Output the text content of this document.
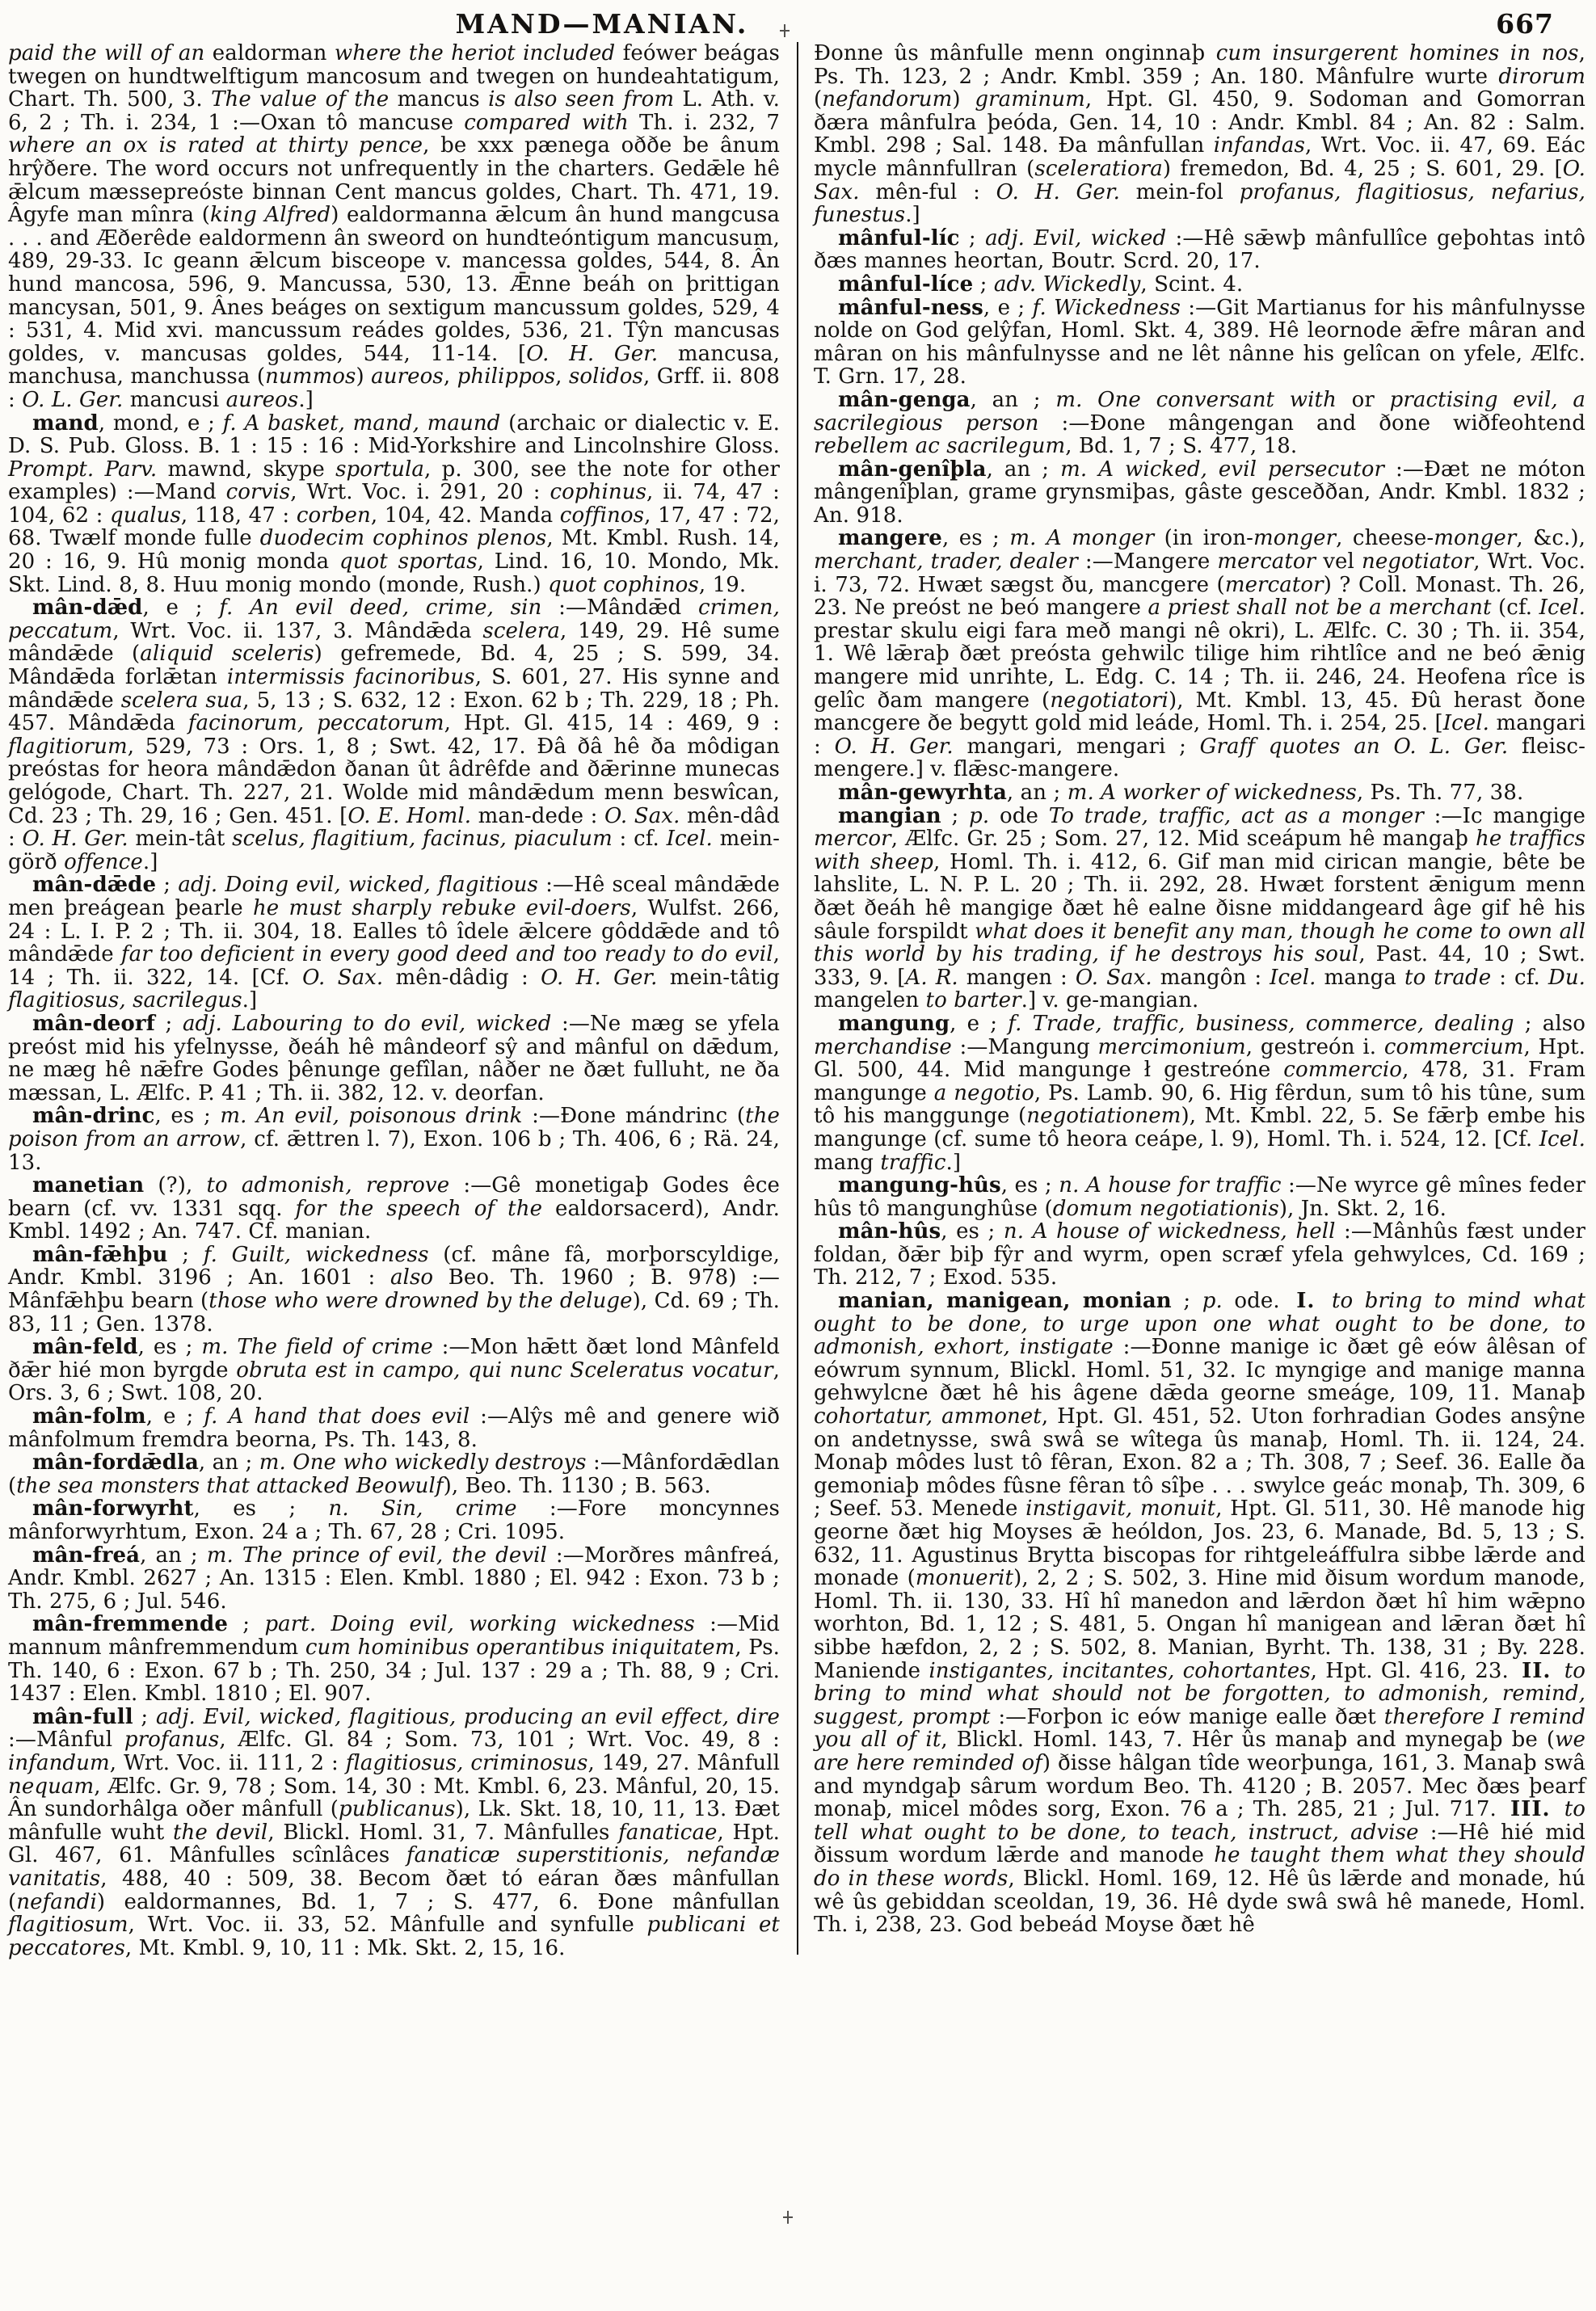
MAND—MANIAN.	667

paid the will of an ealdorman where the heriot included feówer beágas twegen on hundtwelftigum mancosum and twegen on hundeahtatigum, Chart. Th. 500, 3. The value of the mancus is also seen from L. Ath. v. 6, 2 ; Th. i. 234, 1 :—Oxan tô mancuse compared with Th. i. 232, 7 where an ox is rated at thirty pence, be xxx pænega oððe be ânum hrŷðere. The word occurs not unfrequently in the charters. Gedǣle hê ǣlcum mæssepreóste binnan Cent mancus goldes, Chart. Th. 471, 19. Âgyfe man mînra (king Alfred) ealdormanna ǣlcum ân hund mangcusa . . . and Æðerêde ealdormenn ân sweord on hundteóntigum mancusum, 489, 29-33. Ic geann ǣlcum bisceope v. mancessa goldes, 544, 8. Ân hund mancosa, 596, 9. Mancussa, 530, 13. Ǣnne beáh on þrittigan mancysan, 501, 9. Ânes beáges on sextigum mancussum goldes, 529, 4 : 531, 4. Mid xvi. mancussum reádes goldes, 536, 21. Tŷn mancusas goldes, v. mancusas goldes, 544, 11-14. [O. H. Ger. mancusa, manchusa, manchussa (nummos) aureos, philippos, solidos, Grff. ii. 808 : O. L. Ger. mancusi aureos.]

mand, mond, e ; f. A basket, mand, maund (archaic or dialectic v. E. D. S. Pub. Gloss. B. 1 : 15 : 16 : Mid-Yorkshire and Lincolnshire Gloss. Prompt. Parv. mawnd, skype sportula, p. 300, see the note for other examples) :—Mand corvis, Wrt. Voc. i. 291, 20 : cophinus, ii. 74, 47 : 104, 62 : qualus, 118, 47 : corben, 104, 42. Manda coffinos, 17, 47 : 72, 68. Twælf monde fulle duodecim cophinos plenos, Mt. Kmbl. Rush. 14, 20 : 16, 9. Hû monig monda quot sportas, Lind. 16, 10. Mondo, Mk. Skt. Lind. 8, 8. Huu monig mondo (monde, Rush.) quot cophinos, 19.

mân-dǣd, e ; f. An evil deed, crime, sin :—Mândǣd crimen, peccatum, Wrt. Voc. ii. 137, 3. Mândǣda scelera, 149, 29. Hê sume mândǣde (aliquid sceleris) gefremede, Bd. 4, 25 ; S. 599, 34. Mândǣda forlǣtan intermissis facinoribus, S. 601, 27. His synne and mândǣde scelera sua, 5, 13 ; S. 632, 12 : Exon. 62 b ; Th. 229, 18 ; Ph. 457. Mândǣda facinorum, peccatorum, Hpt. Gl. 415, 14 : 469, 9 : flagitiorum, 529, 73 : Ors. 1, 8 ; Swt. 42, 17. Ðâ ðâ hê ða môdigan preóstas for heora mândǣdon ðanan ût âdrêfde and ðǣrinne munecas gelógode, Chart. Th. 227, 21. Wolde mid mândǣdum menn beswîcan, Cd. 23 ; Th. 29, 16 ; Gen. 451. [O. E. Homl. man-dede : O. Sax. mên-dâd : O. H. Ger. mein-tât scelus, flagitium, facinus, piaculum : cf. Icel. mein-görð offence.]

mân-dǣde ; adj. Doing evil, wicked, flagitious :—Hê sceal mândǣde men þreágean þearle he must sharply rebuke evil-doers, Wulfst. 266, 24 : L. I. P. 2 ; Th. ii. 304, 18. Ealles tô îdele ǣlcere gôddǣde and tô mândǣde far too deficient in every good deed and too ready to do evil, 14 ; Th. ii. 322, 14. [Cf. O. Sax. mên-dâdig : O. H. Ger. mein-tâtig flagitiosus, sacrilegus.]

mân-deorf ; adj. Labouring to do evil, wicked :—Ne mæg se yfela preóst mid his yfelnysse, ðeáh hê mândeorf sŷ and mânful on dǣdum, ne mæg hê nǣfre Godes þênunge gefîlan, nâðer ne ðæt fulluht, ne ða mæssan, L. Ælfc. P. 41 ; Th. ii. 382, 12. v. deorfan.

mân-drinc, es ; m. An evil, poisonous drink :—Ðone mándrinc (the poison from an arrow, cf. ǣttren l. 7), Exon. 106 b ; Th. 406, 6 ; Rä. 24, 13.

manetian (?), to admonish, reprove :—Gê monetigaþ Godes êce bearn (cf. vv. 1331 sqq. for the speech of the ealdorsacerd), Andr. Kmbl. 1492 ; An. 747. Cf. manian.

mân-fǣhþu ; f. Guilt, wickedness (cf. mâne fâ, morþorscyldige, Andr. Kmbl. 3196 ; An. 1601 : also Beo. Th. 1960 ; B. 978) :—Mânfǣhþu bearn (those who were drowned by the deluge), Cd. 69 ; Th. 83, 11 ; Gen. 1378.

mân-feld, es ; m. The field of crime :—Mon hǣtt ðæt lond Mânfeld ðǣr hié mon byrgde obruta est in campo, qui nunc Sceleratus vocatur, Ors. 3, 6 ; Swt. 108, 20.

mân-folm, e ; f. A hand that does evil :—Alŷs mê and genere wið mânfolmum fremdra beorna, Ps. Th. 143, 8.

mân-fordǣdla, an ; m. One who wickedly destroys :—Mânfordǣdlan (the sea monsters that attacked Beowulf), Beo. Th. 1130 ; B. 563.

mân-forwyrht, es ; n. Sin, crime :—Fore moncynnes mânforwyrhtum, Exon. 24 a ; Th. 67, 28 ; Cri. 1095.

mân-freá, an ; m. The prince of evil, the devil :—Morðres mânfreá, Andr. Kmbl. 2627 ; An. 1315 : Elen. Kmbl. 1880 ; El. 942 : Exon. 73 b ; Th. 275, 6 ; Jul. 546.

mân-fremmende ; part. Doing evil, working wickedness :—Mid mannum mânfremmendum cum hominibus operantibus iniquitatem, Ps. Th. 140, 6 : Exon. 67 b ; Th. 250, 34 ; Jul. 137 : 29 a ; Th. 88, 9 ; Cri. 1437 : Elen. Kmbl. 1810 ; El. 907.

mân-full ; adj. Evil, wicked, flagitious, producing an evil effect, dire :—Mânful profanus, Ælfc. Gl. 84 ; Som. 73, 101 ; Wrt. Voc. 49, 8 : infandum, Wrt. Voc. ii. 111, 2 : flagitiosus, criminosus, 149, 27. Mânfull nequam, Ælfc. Gr. 9, 78 ; Som. 14, 30 : Mt. Kmbl. 6, 23. Mânful, 20, 15. Ân sundorhâlga oðer mânfull (publicanus), Lk. Skt. 18, 10, 11, 13. Ðæt mânfulle wuht the devil, Blickl. Homl. 31, 7. Mânfulles fanaticae, Hpt. Gl. 467, 61. Mânfulles scînlâces fanaticæ superstitionis, nefandæ vanitatis, 488, 40 : 509, 38. Becom ðæt tó eáran ðæs mânfullan (nefandi) ealdormannes, Bd. 1, 7 ; S. 477, 6. Ðone mânfullan flagitiosum, Wrt. Voc. ii. 33, 52. Mânfulle and synfulle publicani et peccatores, Mt. Kmbl. 9, 10, 11 : Mk. Skt. 2, 15, 16.

Ðonne ûs mânfulle menn onginnaþ cum insurgerent homines in nos, Ps. Th. 123, 2 ; Andr. Kmbl. 359 ; An. 180. Mânfulre wurte dirorum (nefandorum) graminum, Hpt. Gl. 450, 9. Sodoman and Gomorran ðæra mânfulra þeóda, Gen. 14, 10 : Andr. Kmbl. 84 ; An. 82 : Salm. Kmbl. 298 ; Sal. 148. Ða mânfullan infandas, Wrt. Voc. ii. 47, 69. Eác mycle mânnfullran (sceleratiora) fremedon, Bd. 4, 25 ; S. 601, 29. [O. Sax. mên-ful : O. H. Ger. mein-fol profanus, flagitiosus, nefarius, funestus.]

mânful-líc ; adj. Evil, wicked :—Hê sǣwþ mânfullîce geþohtas intô ðæs mannes heortan, Boutr. Scrd. 20, 17.

mânful-líce ; adv. Wickedly, Scint. 4.

mânful-ness, e ; f. Wickedness :—Git Martianus for his mânfulnysse nolde on God gelŷfan, Homl. Skt. 4, 389. Hê leornode ǣfre mâran and mâran on his mânfulnysse and ne lêt nânne his gelîcan on yfele, Ælfc. T. Grn. 17, 28.

mân-genga, an ; m. One conversant with or practising evil, a sacrilegious person :—Ðone mângengan and ðone wiðfeohtend rebellem ac sacrilegum, Bd. 1, 7 ; S. 477, 18.

mân-genîþla, an ; m. A wicked, evil persecutor :—Ðæt ne móton mângenîþlan, grame grynsmiþas, gâste gesceððan, Andr. Kmbl. 1832 ; An. 918.

mangere, es ; m. A monger (in iron-monger, cheese-monger, &c.), merchant, trader, dealer :—Mangere mercator vel negotiator, Wrt. Voc. i. 73, 72. Hwæt sægst ðu, mancgere (mercator) ? Coll. Monast. Th. 26, 23. Ne preóst ne beó mangere a priest shall not be a merchant (cf. Icel. prestar skulu eigi fara með mangi nê okri), L. Ælfc. C. 30 ; Th. ii. 354, 1. Wê lǣraþ ðæt preósta gehwilc tilige him rihtlîce and ne beó ǣnig mangere mid unrihte, L. Edg. C. 14 ; Th. ii. 246, 24. Heofena rîce is gelîc ðam mangere (negotiatori), Mt. Kmbl. 13, 45. Ðû herast ðone mancgere ðe begytt gold mid leáde, Homl. Th. i. 254, 25. [Icel. mangari : O. H. Ger. mangari, mengari ; Graff quotes an O. L. Ger. fleisc-mengere.] v. flǣsc-mangere.

mân-gewyrhta, an ; m. A worker of wickedness, Ps. Th. 77, 38.

mangian ; p. ode To trade, traffic, act as a monger :—Ic mangige mercor, Ælfc. Gr. 25 ; Som. 27, 12. Mid sceápum hê mangaþ he traffics with sheep, Homl. Th. i. 412, 6. Gif man mid cirican mangie, bête be lahslite, L. N. P. L. 20 ; Th. ii. 292, 28. Hwæt forstent ǣnigum menn ðæt ðeáh hê mangige ðæt hê ealne ðisne middangeard âge gif hê his sâule forspildt what does it benefit any man, though he come to own all this world by his trading, if he destroys his soul, Past. 44, 10 ; Swt. 333, 9. [A. R. mangen : O. Sax. mangôn : Icel. manga to trade : cf. Du. mangelen to barter.] v. ge-mangian.

mangung, e ; f. Trade, traffic, business, commerce, dealing ; also merchandise :—Mangung mercimonium, gestreón i. commercium, Hpt. Gl. 500, 44. Mid mangunge ł gestreóne commercio, 478, 31. Fram mangunge a negotio, Ps. Lamb. 90, 6. Hig fêrdun, sum tô his tûne, sum tô his manggunge (negotiationem), Mt. Kmbl. 22, 5. Se fǣrþ embe his mangunge (cf. sume tô heora ceápe, l. 9), Homl. Th. i. 524, 12. [Cf. Icel. mang traffic.]

mangung-hûs, es ; n. A house for traffic :—Ne wyrce gê mînes feder hûs tô mangunghûse (domum negotiationis), Jn. Skt. 2, 16.

mân-hûs, es ; n. A house of wickedness, hell :—Mânhûs fæst under foldan, ðǣr biþ fŷr and wyrm, open scræf yfela gehwylces, Cd. 169 ; Th. 212, 7 ; Exod. 535.

manian, manigean, monian ; p. ode. I. to bring to mind what ought to be done, to urge upon one what ought to be done, to admonish, exhort, instigate :—Ðonne manige ic ðæt gê eów âlêsan of eówrum synnum, Blickl. Homl. 51, 32. Ic myngige and manige manna gehwylcne ðæt hê his âgene dǣda georne smeáge, 109, 11. Manaþ cohortatur, ammonet, Hpt. Gl. 451, 52. Uton forhradian Godes ansŷne on andetnysse, swâ swâ se wîtega ûs manaþ, Homl. Th. ii. 124, 24. Monaþ môdes lust tô fêran, Exon. 82 a ; Th. 308, 7 ; Seef. 36. Ealle ða gemoniaþ môdes fûsne fêran tô sîþe . . . swylce geác monaþ, Th. 309, 6 ; Seef. 53. Menede instigavit, monuit, Hpt. Gl. 511, 30. Hê manode hig georne ðæt hig Moyses ǣ heóldon, Jos. 23, 6. Manade, Bd. 5, 13 ; S. 632, 11. Agustinus Brytta biscopas for rihtgeleáffulra sibbe lǣrde and monade (monuerit), 2, 2 ; S. 502, 3. Hine mid ðisum wordum manode, Homl. Th. ii. 130, 33. Hî hî manedon and lǣrdon ðæt hî him wǣpno worhton, Bd. 1, 12 ; S. 481, 5. Ongan hî manigean and lǣran ðæt hî sibbe hæfdon, 2, 2 ; S. 502, 8. Manian, Byrht. Th. 138, 31 ; By. 228. Maniende instigantes, incitantes, cohortantes, Hpt. Gl. 416, 23. II. to bring to mind what should not be forgotten, to admonish, remind, suggest, prompt :—Forþon ic eów manige ealle ðæt therefore I remind you all of it, Blickl. Homl. 143, 7. Hêr ûs manaþ and mynegaþ be (we are here reminded of) ðisse hâlgan tîde weorþunga, 161, 3. Manaþ swâ and myndgaþ sârum wordum Beo. Th. 4120 ; B. 2057. Mec ðæs þearf monaþ, micel môdes sorg, Exon. 76 a ; Th. 285, 21 ; Jul. 717. III. to tell what ought to be done, to teach, instruct, advise :—Hê hié mid ðissum wordum lǣrde and manode he taught them what they should do in these words, Blickl. Homl. 169, 12. Hê ûs lǣrde and monade, hú wê ûs gebiddan sceoldan, 19, 36. Hê dyde swâ swâ hê manede, Homl. Th. i, 238, 23. God bebeád Moyse ðæt hê
